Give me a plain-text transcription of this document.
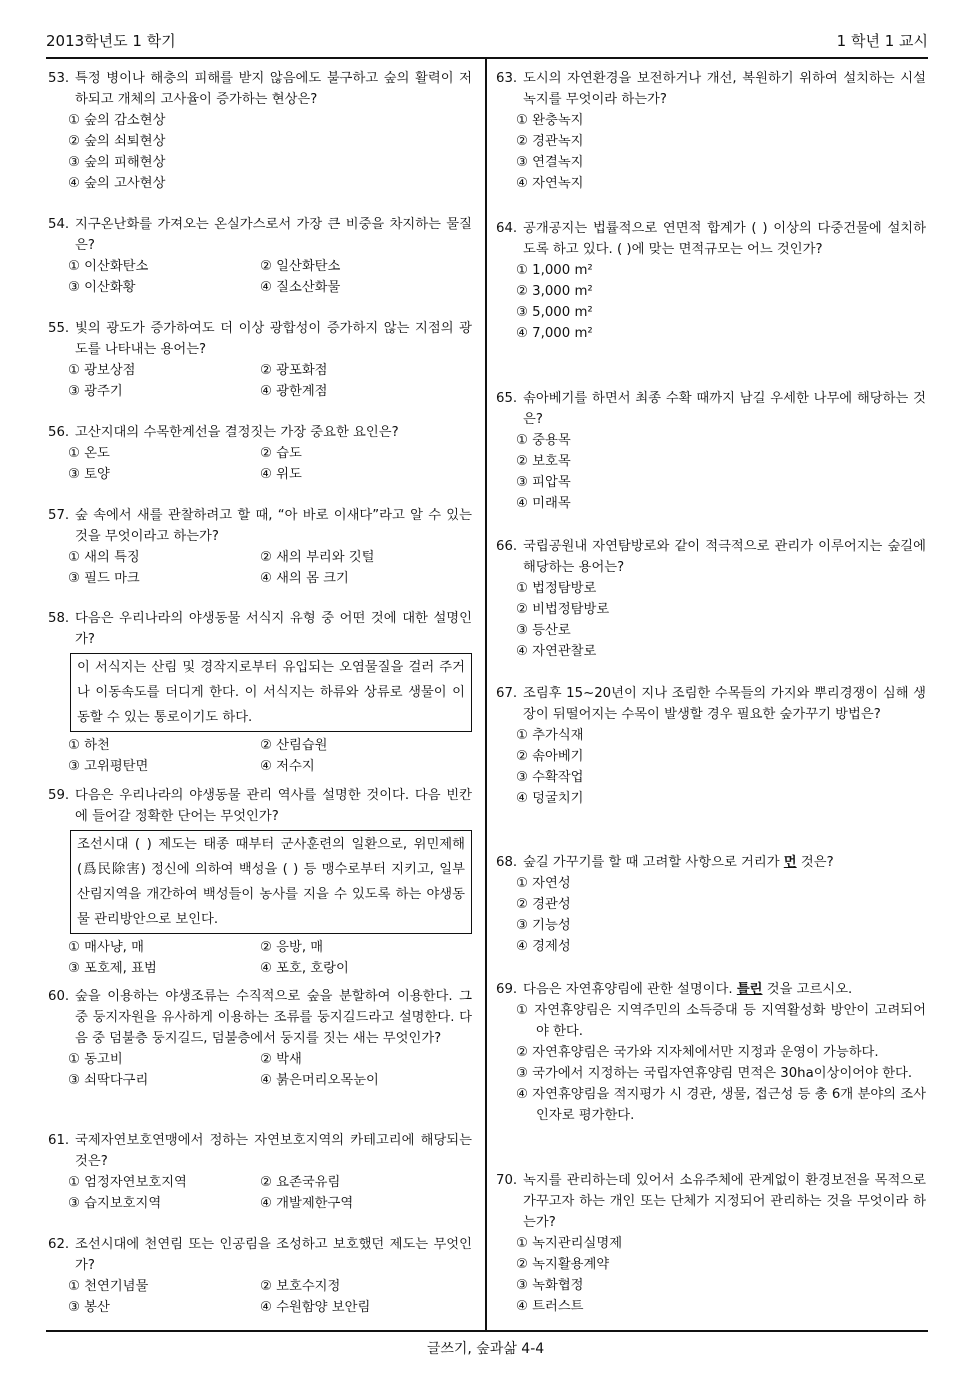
2013학년도 1 학기	1 학년 1 교시
글쓰기, 숲과삶 4-4
53. 특정 병이나 해충의 피해를 받지 않음에도 불구하고 숲의 활력이 저하되고 개체의 고사율이 증가하는 현상은?
① 숲의 감소현상
② 숲의 쇠퇴현상
③ 숲의 피해현상
④ 숲의 고사현상
54. 지구온난화를 가져오는 온실가스로서 가장 큰 비중을 차지하는 물질은?
① 이산화탄소	② 일산화탄소
③ 이산화황	④ 질소산화물
55. 빛의 광도가 증가하여도 더 이상 광합성이 증가하지 않는 지점의 광도를 나타내는 용어는?
① 광보상점	② 광포화점
③ 광주기	④ 광한계점
56. 고산지대의 수목한계선을 결정짓는 가장 중요한 요인은?
① 온도	② 습도
③ 토양	④ 위도
57. 숲 속에서 새를 관찰하려고 할 때, “아 바로 이새다”라고 알 수 있는 것을 무엇이라고 하는가?
① 새의 특징	② 새의 부리와 깃털
③ 필드 마크	④ 새의 몸 크기
58. 다음은 우리나라의 야생동물 서식지 유형 중 어떤 것에 대한 설명인가?
이 서식지는 산림 및 경작지로부터 유입되는 오염물질을 걸러 주거나 이동속도를 더디게 한다. 이 서식지는 하류와 상류로 생물이 이동할 수 있는 통로이기도 하다.
① 하천	② 산림습원
③ 고위평탄면	④ 저수지
59. 다음은 우리나라의 야생동물 관리 역사를 설명한 것이다. 다음 빈칸에 들어갈 정확한 단어는 무엇인가?
조선시대 ( ) 제도는 태종 때부터 군사훈련의 일환으로, 위민제해(爲民除害) 정신에 의하여 백성을 ( ) 등 맹수로부터 지키고, 일부 산림지역을 개간하여 백성들이 농사를 지을 수 있도록 하는 야생동물 관리방안으로 보인다.
① 매사냥, 매	② 응방, 매
③ 포호제, 표범	④ 포호, 호랑이
60. 숲을 이용하는 야생조류는 수직적으로 숲을 분할하여 이용한다. 그 중 둥지자원을 유사하게 이용하는 조류를 둥지길드라고 설명한다. 다음 중 덤불층 둥지길드, 덤불층에서 둥지를 짓는 새는 무엇인가?
① 동고비	② 박새
③ 쇠딱다구리	④ 붉은머리오목눈이
61. 국제자연보호연맹에서 정하는 자연보호지역의 카테고리에 해당되는 것은?
① 엄정자연보호지역	② 요존국유림
③ 습지보호지역	④ 개발제한구역
62. 조선시대에 천연림 또는 인공림을 조성하고 보호했던 제도는 무엇인가?
① 천연기념물	② 보호수지정
③ 봉산	④ 수원함양 보안림
63. 도시의 자연환경을 보전하거나 개선, 복원하기 위하여 설치하는 시설녹지를 무엇이라 하는가?
① 완충녹지
② 경관녹지
③ 연결녹지
④ 자연녹지
64. 공개공지는 법률적으로 연면적 합계가 ( ) 이상의 다중건물에 설치하도록 하고 있다. ( )에 맞는 면적규모는 어느 것인가?
① 1,000 m²
② 3,000 m²
③ 5,000 m²
④ 7,000 m²
65. 솎아베기를 하면서 최종 수확 때까지 남길 우세한 나무에 해당하는 것은?
① 중용목
② 보호목
③ 피압목
④ 미래목
66. 국립공원내 자연탐방로와 같이 적극적으로 관리가 이루어지는 숲길에 해당하는 용어는?
① 법정탐방로
② 비법정탐방로
③ 등산로
④ 자연관찰로
67. 조림후 15~20년이 지나 조림한 수목들의 가지와 뿌리경쟁이 심해 생장이 뒤떨어지는 수목이 발생할 경우 필요한 숲가꾸기 방법은?
① 추가식재
② 솎아베기
③ 수확작업
④ 덩굴치기
68. 숲길 가꾸기를 할 때 고려할 사항으로 거리가 먼 것은?
① 자연성
② 경관성
③ 기능성
④ 경제성
69. 다음은 자연휴양림에 관한 설명이다. 틀린 것을 고르시오.
① 자연휴양림은 지역주민의 소득증대 등 지역활성화 방안이 고려되어야 한다.
② 자연휴양림은 국가와 지자체에서만 지정과 운영이 가능하다.
③ 국가에서 지정하는 국립자연휴양림 면적은 30ha이상이어야 한다.
④ 자연휴양림을 적지평가 시 경관, 생물, 접근성 등 총 6개 분야의 조사인자로 평가한다.
70. 녹지를 관리하는데 있어서 소유주체에 관계없이 환경보전을 목적으로 가꾸고자 하는 개인 또는 단체가 지정되어 관리하는 것을 무엇이라 하는가?
① 녹지관리실명제
② 녹지활용계약
③ 녹화협정
④ 트러스트
